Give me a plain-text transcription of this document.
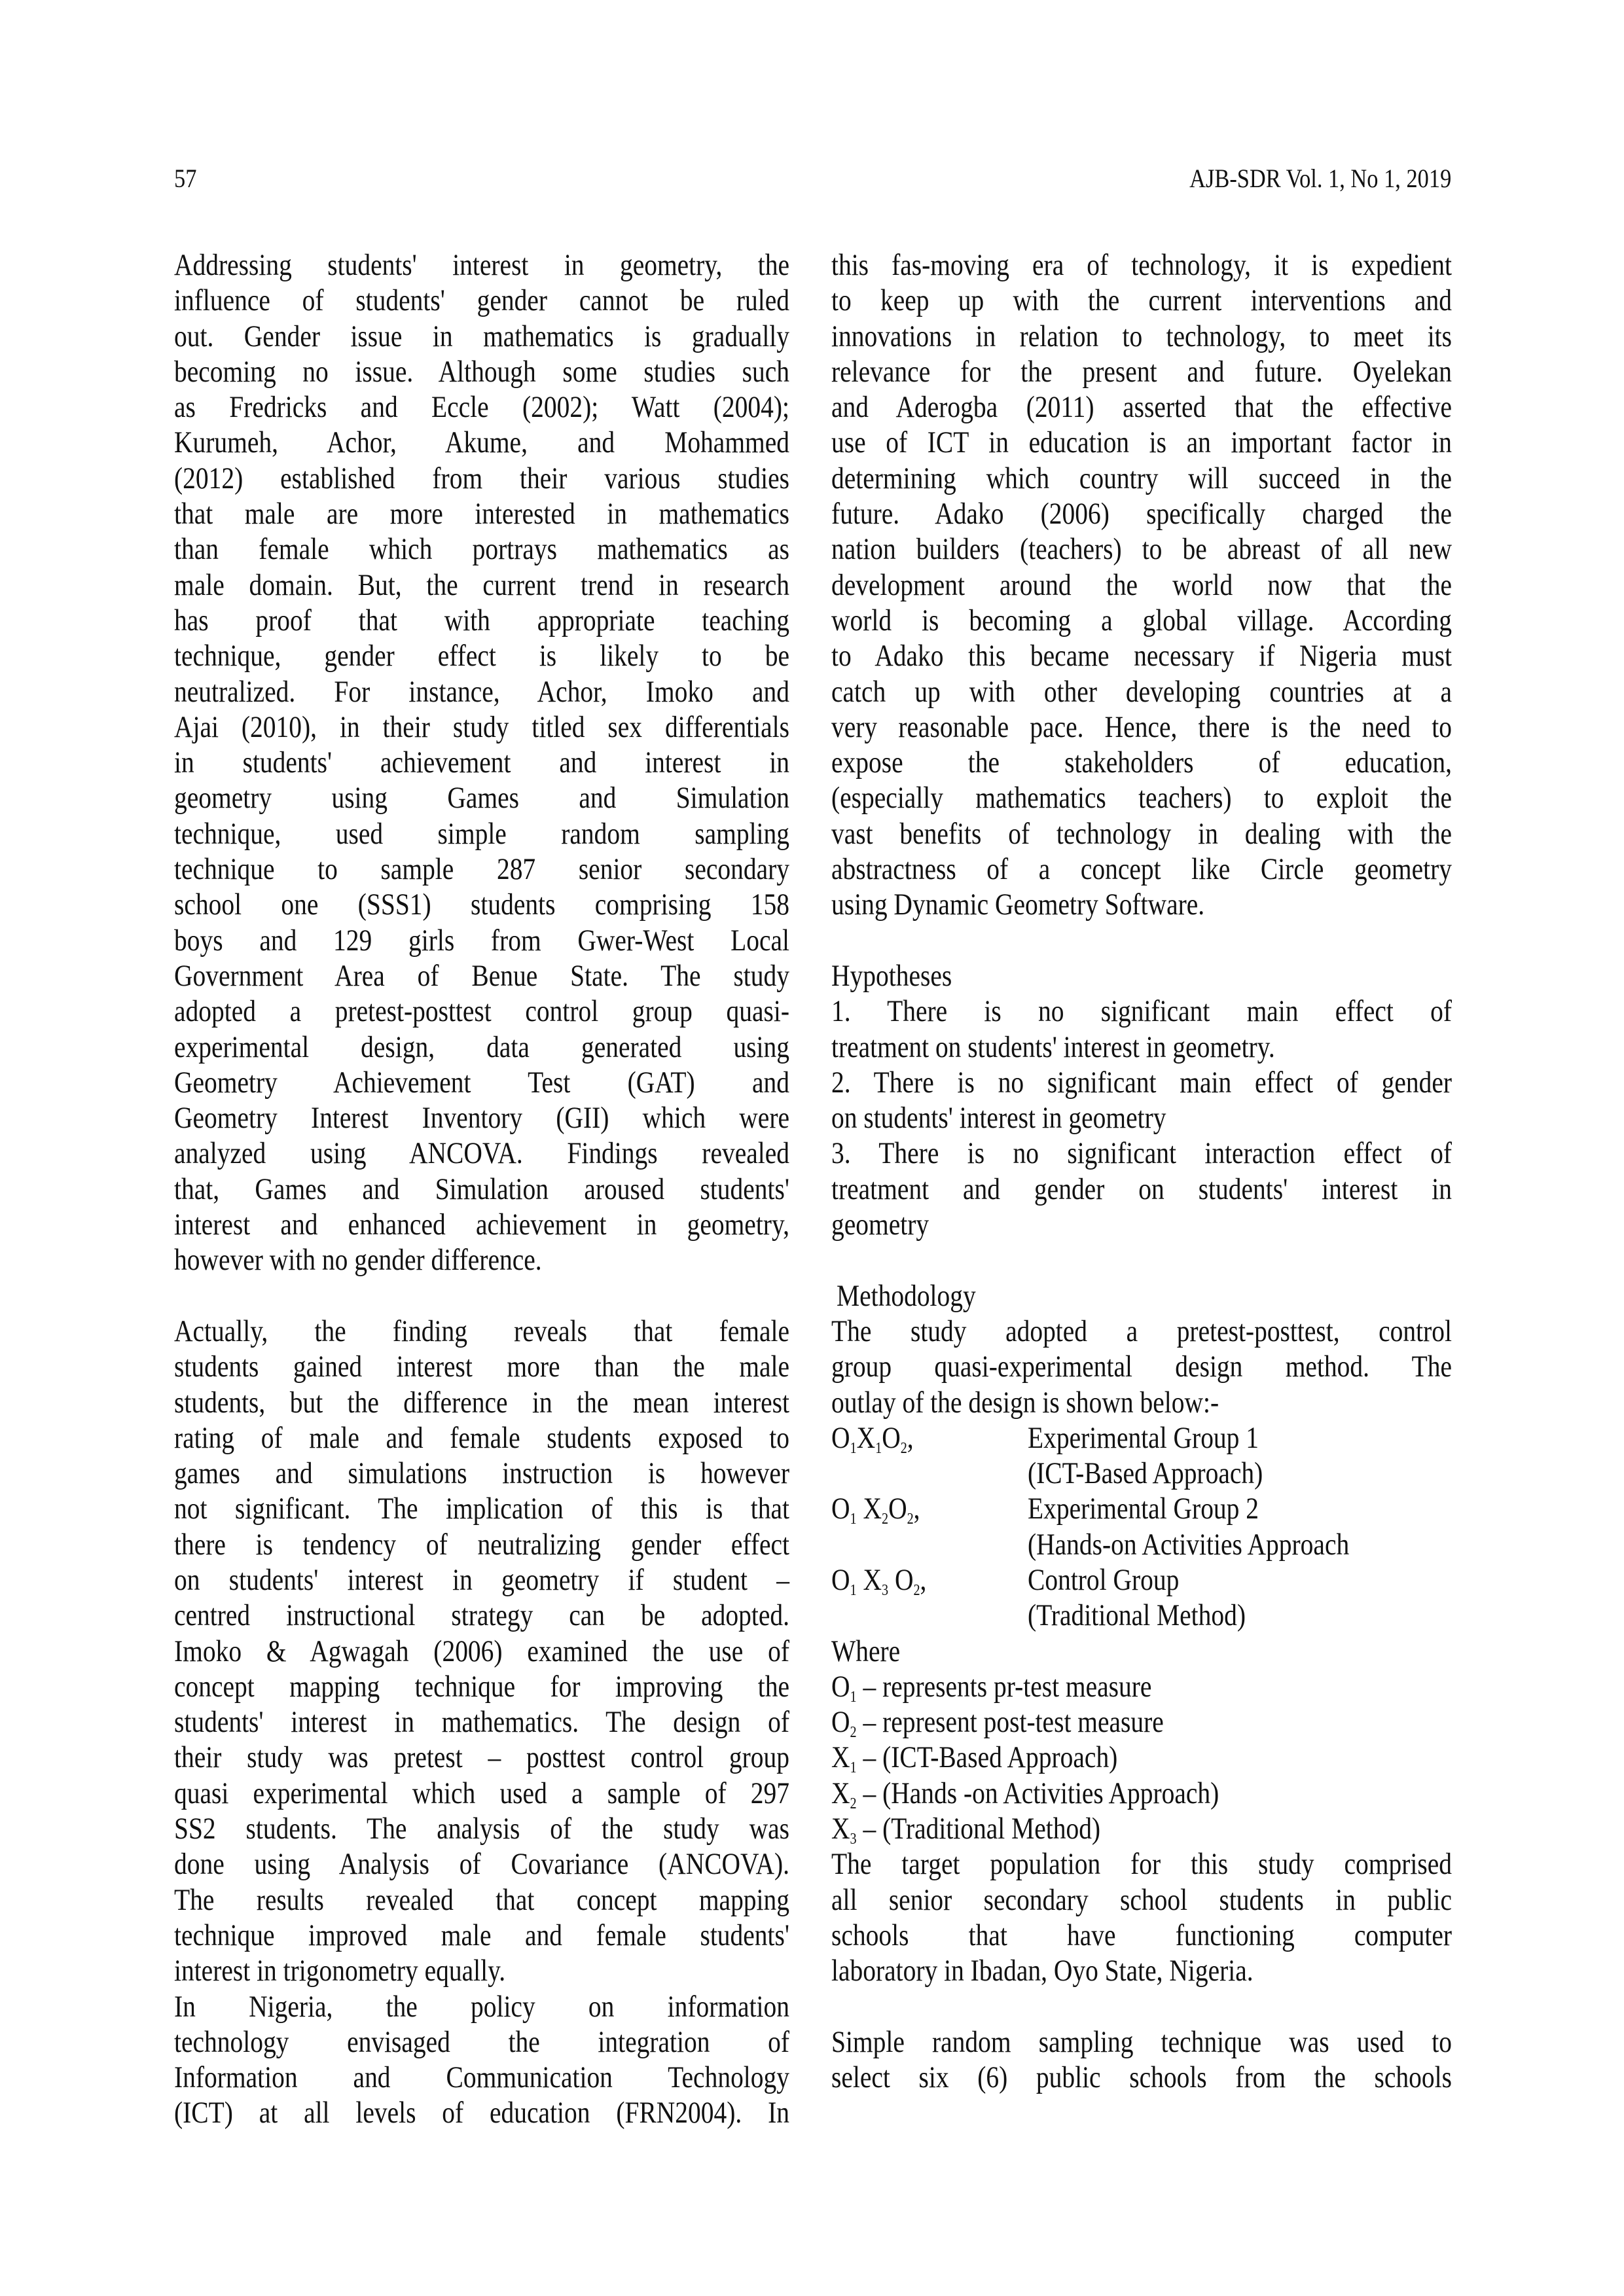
57	AJB-SDR Vol. 1, No 1, 2019
Addressing students' interest in geometry, the
influence of students' gender cannot be ruled
out. Gender issue in mathematics is gradually
becoming no issue. Although some studies such
as Fredricks and Eccle (2002); Watt (2004);
Kurumeh, Achor, Akume, and Mohammed
(2012) established from their various studies
that male are more interested in mathematics
than female which portrays mathematics as
male domain. But, the current trend in research
has proof that with appropriate teaching
technique, gender effect is likely to be
neutralized. For instance, Achor, Imoko and
Ajai (2010), in their study titled sex differentials
in students' achievement and interest in
geometry using Games and Simulation
technique, used simple random sampling
technique to sample 287 senior secondary
school one (SSS1) students comprising 158
boys and 129 girls from Gwer-West Local
Government Area of Benue State. The study
adopted a pretest-posttest control group quasi-
experimental design, data generated using
Geometry Achievement Test (GAT) and
Geometry Interest Inventory (GII) which were
analyzed using ANCOVA. Findings revealed
that, Games and Simulation aroused students'
interest and enhanced achievement in geometry,
however with no gender difference.
Actually, the finding reveals that female
students gained interest more than the male
students, but the difference in the mean interest
rating of male and female students exposed to
games and simulations instruction is however
not significant. The implication of this is that
there is tendency of neutralizing gender effect
on students' interest in geometry if student –
centred instructional strategy can be adopted.
Imoko & Agwagah (2006) examined the use of
concept mapping technique for improving the
students' interest in mathematics. The design of
their study was pretest – posttest control group
quasi experimental which used a sample of 297
SS2 students. The analysis of the study was
done using Analysis of Covariance (ANCOVA).
The results revealed that concept mapping
technique improved male and female students'
interest in trigonometry equally.
In Nigeria, the policy on information
technology envisaged the integration of
Information and Communication Technology
(ICT) at all levels of education (FRN2004). In
this fas-moving era of technology, it is expedient
to keep up with the current interventions and
innovations in relation to technology, to meet its
relevance for the present and future. Oyelekan
and Aderogba (2011) asserted that the effective
use of ICT in education is an important factor in
determining which country will succeed in the
future. Adako (2006) specifically charged the
nation builders (teachers) to be abreast of all new
development around the world now that the
world is becoming a global village. According
to Adako this became necessary if Nigeria must
catch up with other developing countries at a
very reasonable pace. Hence, there is the need to
expose the stakeholders of education,
(especially mathematics teachers) to exploit the
vast benefits of technology in dealing with the
abstractness of a concept like Circle geometry
using Dynamic Geometry Software.
Hypotheses
1. There is no significant main effect of
treatment on students' interest in geometry.
2. There is no significant main effect of gender
on students' interest in geometry
3. There is no significant interaction effect of
treatment and gender on students' interest in
geometry
Methodology
The study adopted a pretest-posttest, control
group quasi-experimental design method. The
outlay of the design is shown below:-
$O_1X_1O_2$,	Experimental Group 1
(ICT-Based Approach)
$O_1$ $X_2O_2$,	Experimental Group 2
(Hands-on Activities Approach
$O_1$ $X_3$ $O_2$,	Control Group
(Traditional Method)
Where
$O_1$ – represents pr-test measure
$O_2$ – represent post-test measure
$X_1$ – (ICT-Based Approach)
$X_2$ – (Hands -on Activities Approach)
$X_3$ – (Traditional Method)
The target population for this study comprised
all senior secondary school students in public
schools that have functioning computer
laboratory in Ibadan, Oyo State, Nigeria.
Simple random sampling technique was used to
select six (6) public schools from the schools
